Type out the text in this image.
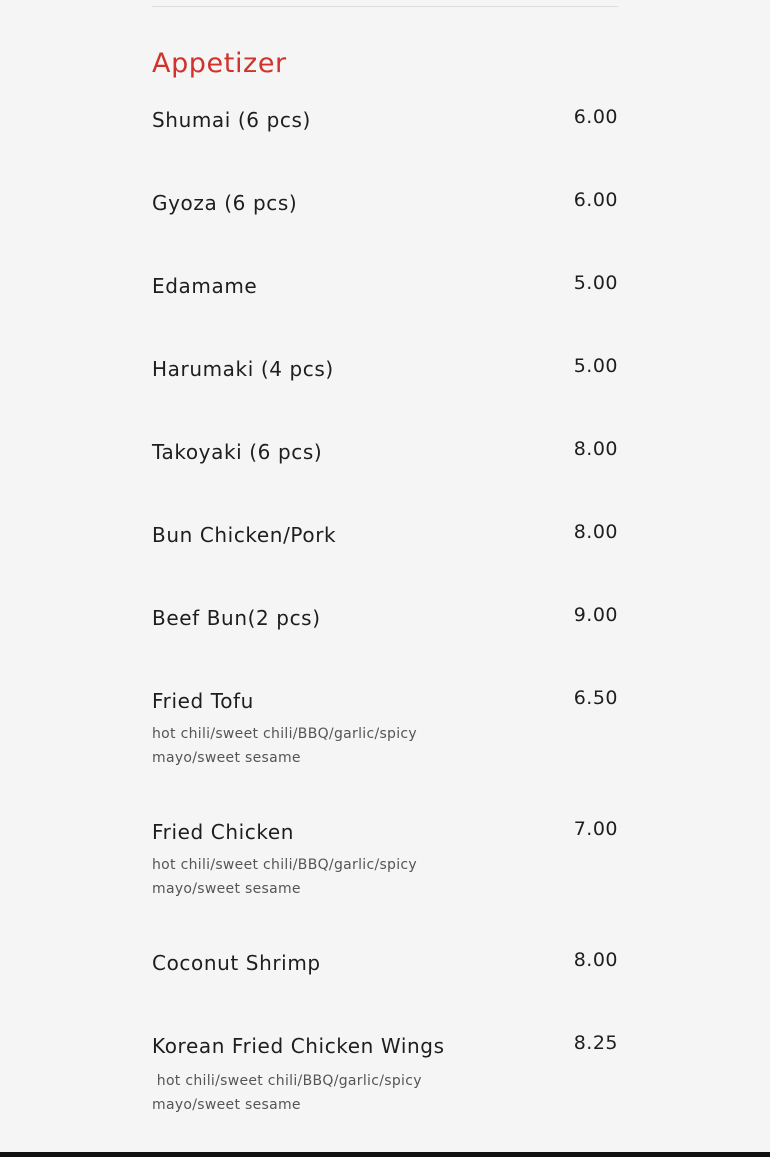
Appetizer
Shumai (6 pcs)	6.00
Gyoza (6 pcs)	6.00
Edamame	5.00
Harumaki (4 pcs)	5.00
Takoyaki (6 pcs)	8.00
Bun Chicken/Pork	8.00
Beef Bun(2 pcs)	9.00
Fried Tofu	6.50
hot chili/sweet chili/BBQ/garlic/spicy mayo/sweet sesame
Fried Chicken	7.00
hot chili/sweet chili/BBQ/garlic/spicy mayo/sweet sesame
Coconut Shrimp	8.00
Korean Fried Chicken Wings	8.25
hot chili/sweet chili/BBQ/garlic/spicy mayo/sweet sesame
